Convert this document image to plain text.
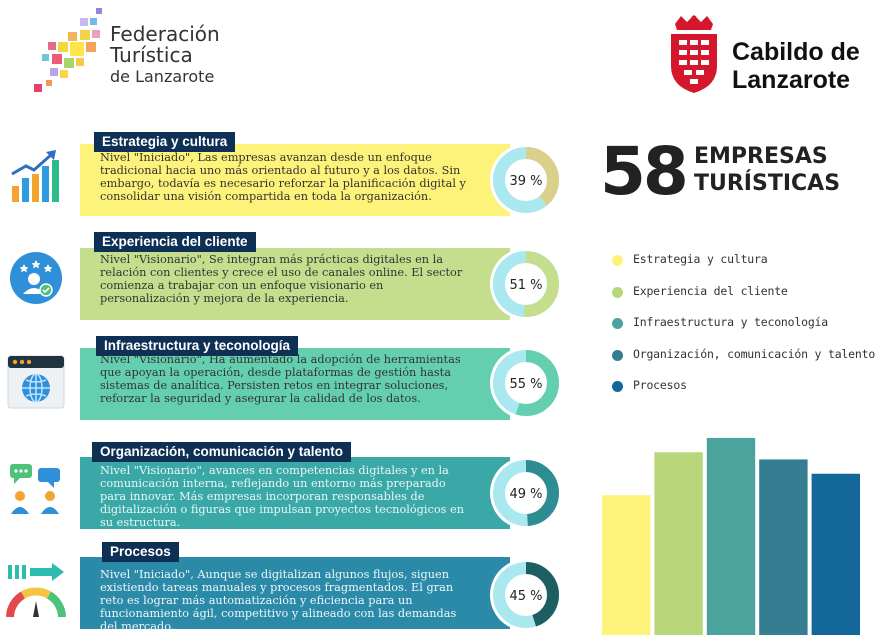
Federación
Turística
de Lanzarote
Cabildo de
Lanzarote
Estrategia y cultura
Nivel "Iniciado", Las empresas avanzan desde un enfoque tradicional hacia uno más orientado al futuro y a los datos. Sin embargo, todavía es necesario reforzar la planificación digital y consolidar una visión compartida en toda la organización.
39 %
Experiencia del cliente
Nivel "Visionario", Se integran más prácticas digitales en la relación con clientes y crece el uso de canales online. El sector comienza a trabajar con un enfoque visionario en personalización y mejora de la experiencia.
51 %
Infraestructura y teconología
Nivel "Visionario", Ha aumentado la adopción de herramientas que apoyan la operación, desde plataformas de gestión hasta sistemas de analítica. Persisten retos en integrar soluciones, reforzar la seguridad y asegurar la calidad de los datos.
55 %
Organización, comunicación y talento
Nivel "Visionario", avances en competencias digitales y en la comunicación interna, reflejando un entorno más preparado para innovar. Más empresas incorporan responsables de digitalización o figuras que impulsan proyectos tecnológicos en su estructura.
49 %
Procesos
Nivel "Iniciado", Aunque se digitalizan algunos flujos, siguen existiendo tareas manuales y procesos fragmentados. El gran reto es lograr más automatización y eficiencia para un funcionamiento ágil, competitivo y alineado con las demandas del mercado.
45 %
58 EMPRESAS
TURÍSTICAS
Estrategia y cultura
Experiencia del cliente
Infraestructura y teconología
Organización, comunicación y talento
Procesos
